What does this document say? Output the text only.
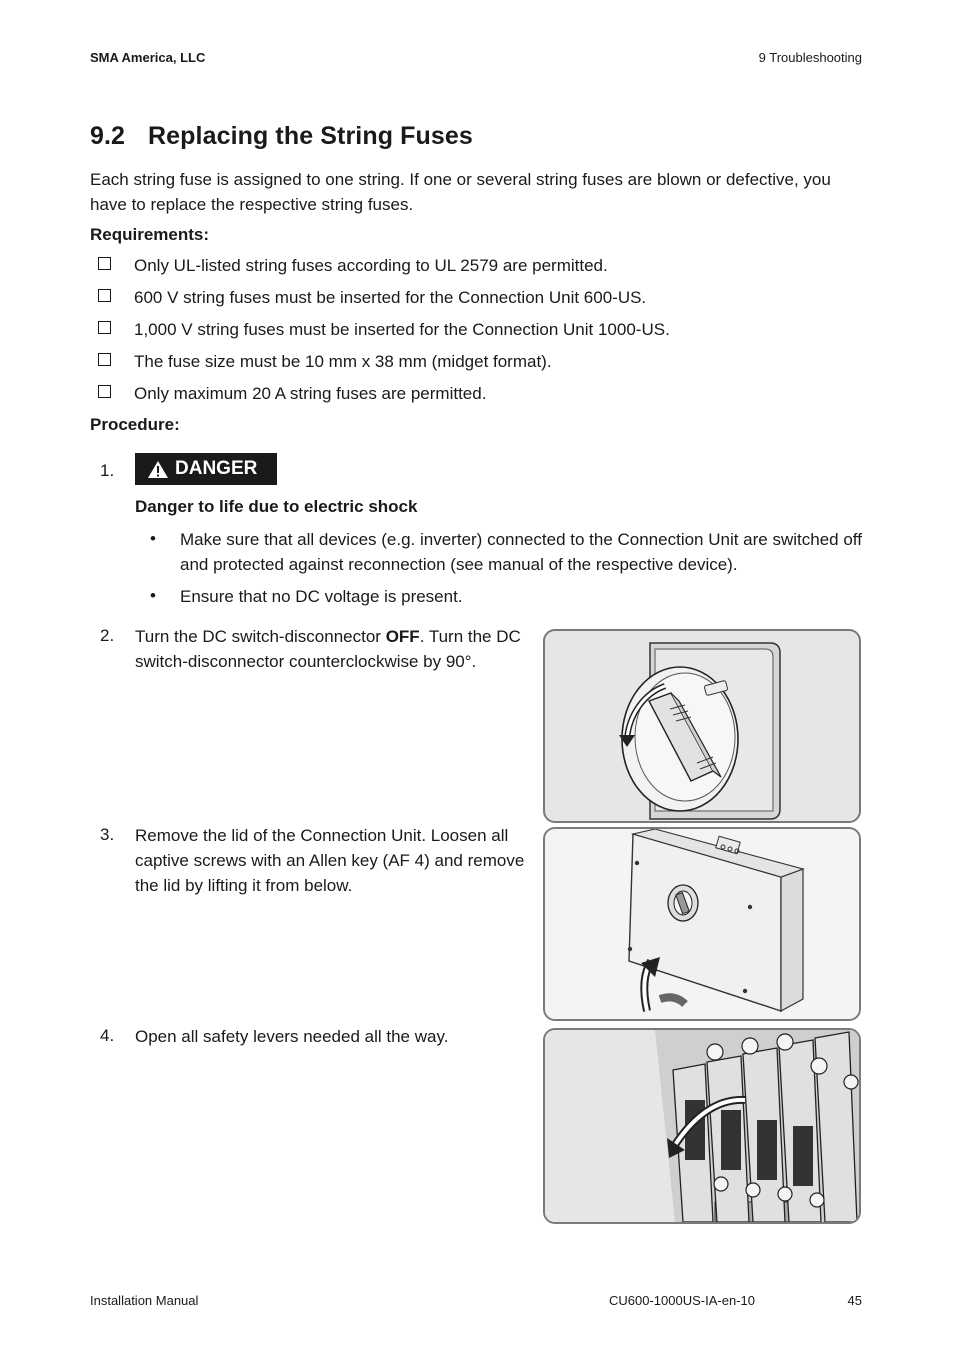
SMA America, LLC	9 Troubleshooting
9.2 Replacing the String Fuses
Each string fuse is assigned to one string. If one or several string fuses are blown or defective, you have to replace the respective string fuses.
Requirements:
Only UL-listed string fuses according to UL 2579 are permitted.
600 V string fuses must be inserted for the Connection Unit 600-US.
1,000 V string fuses must be inserted for the Connection Unit 1000-US.
The fuse size must be 10 mm x 38 mm (midget format).
Only maximum 20 A string fuses are permitted.
Procedure:
1.	DANGER
Danger to life due to electric shock
• Make sure that all devices (e.g. inverter) connected to the Connection Unit are switched off and protected against reconnection (see manual of the respective device).
• Ensure that no DC voltage is present.
2. Turn the DC switch-disconnector OFF. Turn the DC switch-disconnector counterclockwise by 90°.
3. Remove the lid of the Connection Unit. Loosen all captive screws with an Allen key (AF 4) and remove the lid by lifting it from below.
4. Open all safety levers needed all the way.
Installation Manual	CU600-1000US-IA-en-10	45
